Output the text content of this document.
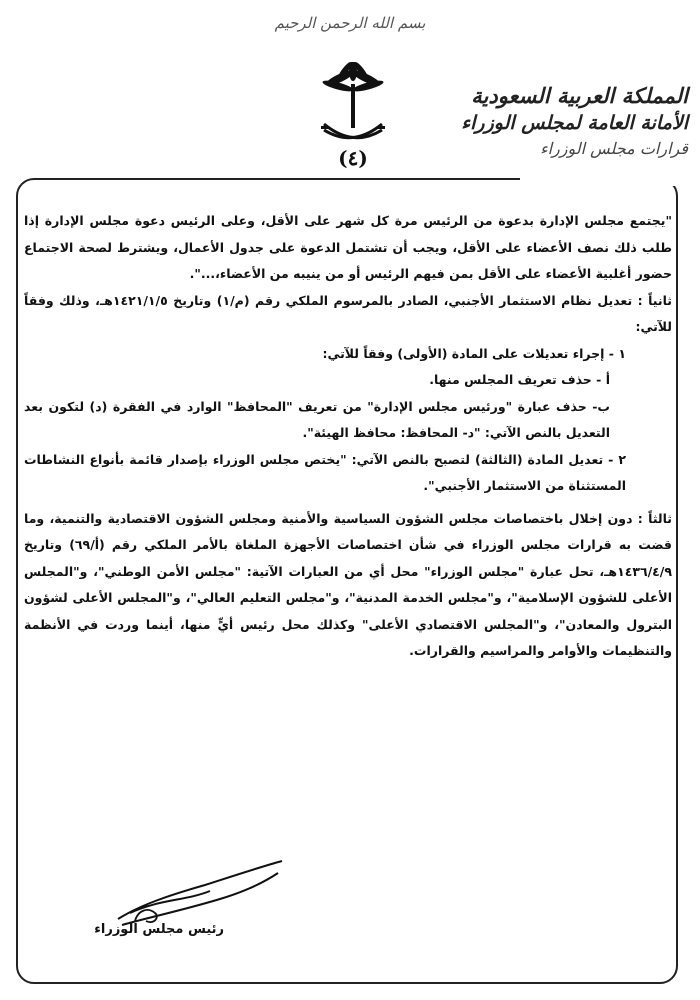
بسم الله الرحمن الرحيم
(٤)
المملكة العربية السعودية
الأمانة العامة لمجلس الوزراء
قرارات مجلس الوزراء

"يجتمع مجلس الإدارة بدعوة من الرئيس مرة كل شهر على الأقل، وعلى الرئيس دعوة مجلس الإدارة إذا طلب ذلك نصف الأعضاء على الأقل، ويجب أن تشتمل الدعوة على جدول الأعمال، ويشترط لصحة الاجتماع حضور أغلبية الأعضاء على الأقل بمن فيهم الرئيس أو من ينيبه من الأعضاء،...".

ثانياً : تعديل نظام الاستثمار الأجنبي، الصادر بالمرسوم الملكي رقم (م/١) وتاريخ ١٤٢١/١/٥هـ، وذلك وفقاً للآتي:

١ - إجراء تعديلات على المادة (الأولى) وفقاً للآتي:

أ - حذف تعريف المجلس منها.

ب- حذف عبارة "ورئيس مجلس الإدارة" من تعريف "المحافظ" الوارد في الفقرة (د) لتكون بعد التعديل بالنص الآتي: "د- المحافظ: محافظ الهيئة".

٢ - تعديل المادة (الثالثة) لتصبح بالنص الآتي: "يختص مجلس الوزراء بإصدار قائمة بأنواع النشاطات المستثناة من الاستثمار الأجنبي".

ثالثاً : دون إخلال باختصاصات مجلس الشؤون السياسية والأمنية ومجلس الشؤون الاقتصادية والتنمية، وما قضت به قرارات مجلس الوزراء في شأن اختصاصات الأجهزة الملغاة بالأمر الملكي رقم (أ/٦٩) وتاريخ ١٤٣٦/٤/٩هـ، تحل عبارة "مجلس الوزراء" محل أي من العبارات الآتية: "مجلس الأمن الوطني"، و"المجلس الأعلى للشؤون الإسلامية"، و"مجلس الخدمة المدنية"، و"مجلس التعليم العالي"، و"المجلس الأعلى لشؤون البترول والمعادن"، و"المجلس الاقتصادي الأعلى" وكذلك محل رئيس أيٍّ منها، أينما وردت في الأنظمة والتنظيمات والأوامر والمراسيم والقرارات.

رئيس مجلس الوزراء
